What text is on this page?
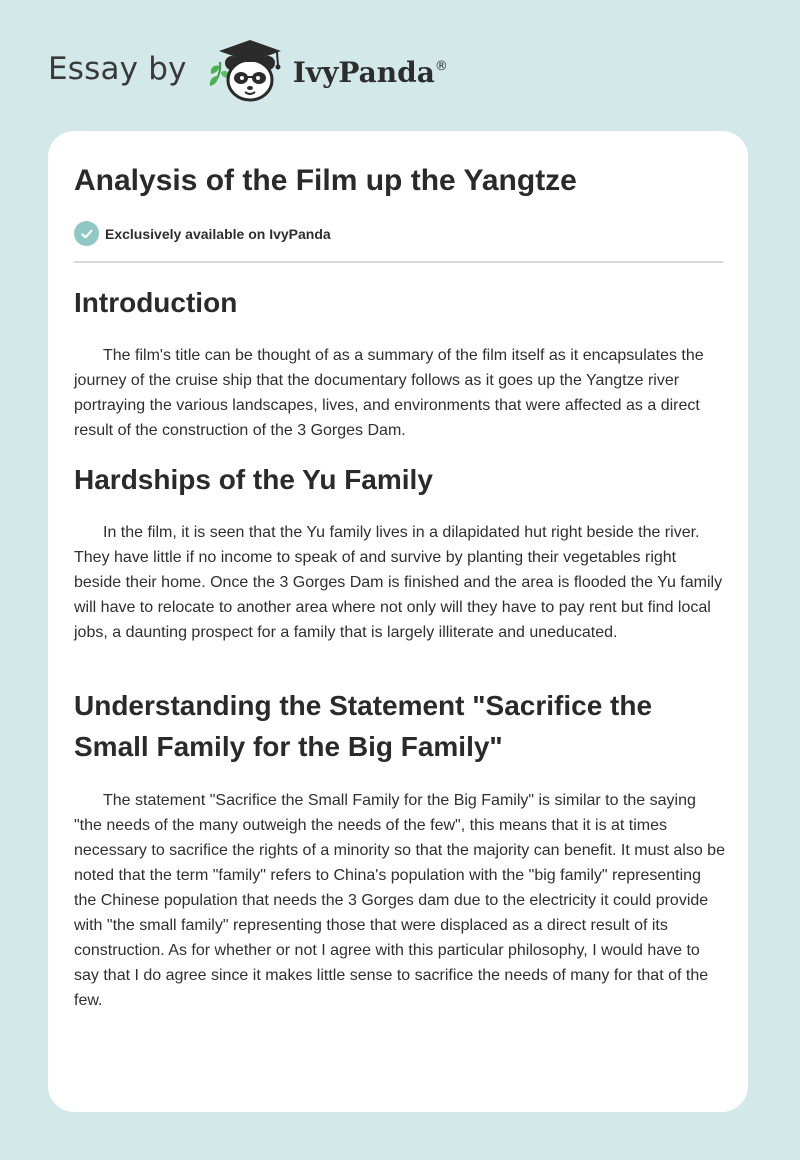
Essay by	IvyPanda®
Analysis of the Film up the Yangtze
Exclusively available on IvyPanda
Introduction

The film's title can be thought of as a summary of the film itself as it encapsulates the journey of the cruise ship that the documentary follows as it goes up the Yangtze river portraying the various landscapes, lives, and environments that were affected as a direct result of the construction of the 3 Gorges Dam.

Hardships of the Yu Family

In the film, it is seen that the Yu family lives in a dilapidated hut right beside the river. They have little if no income to speak of and survive by planting their vegetables right beside their home. Once the 3 Gorges Dam is finished and the area is flooded the Yu family will have to relocate to another area where not only will they have to pay rent but find local jobs, a daunting prospect for a family that is largely illiterate and uneducated.

Understanding the Statement "Sacrifice the Small Family for the Big Family"

The statement "Sacrifice the Small Family for the Big Family" is similar to the saying "the needs of the many outweigh the needs of the few", this means that it is at times necessary to sacrifice the rights of a minority so that the majority can benefit. It must also be noted that the term "family" refers to China's population with the "big family" representing the Chinese population that needs the 3 Gorges dam due to the electricity it could provide with "the small family" representing those that were displaced as a direct result of its construction. As for whether or not I agree with this particular philosophy, I would have to say that I do agree since it makes little sense to sacrifice the needs of many for that of the few.
